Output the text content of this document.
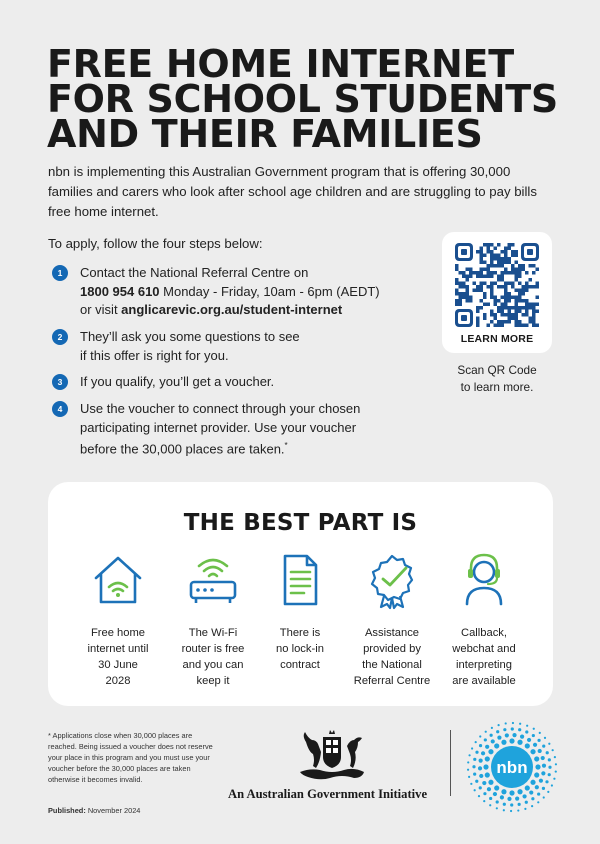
FREE HOME INTERNET
FOR SCHOOL STUDENTS
AND THEIR FAMILIES

nbn is implementing this Australian Government program that is offering 30,000 families and carers who look after school age children and are struggling to pay bills free home internet.

To apply, follow the four steps below:

1	Contact the National Referral Centre on
1800 954 610 Monday - Friday, 10am - 6pm (AEDT)
or visit anglicarevic.org.au/student-internet
2	They’ll ask you some questions to see
if this offer is right for you.
3	If you qualify, you’ll get a voucher.
4	Use the voucher to connect through your chosen
participating internet provider. Use your voucher
before the 30,000 places are taken.*
LEARN MORE
Scan QR Code
to learn more.
THE BEST PART IS
Free home
internet until
30 June
2028
The Wi-Fi
router is free
and you can
keep it
There is
no lock-in
contract
Assistance
provided by
the National
Referral Centre
Callback,
webchat and
interpreting
are available

* Applications close when 30,000 places are reached. Being issued a voucher does not reserve your place in this program and you must use your voucher before the 30,000 places are taken otherwise it becomes invalid.

Published: November 2024

An Australian Government Initiative
nbn
